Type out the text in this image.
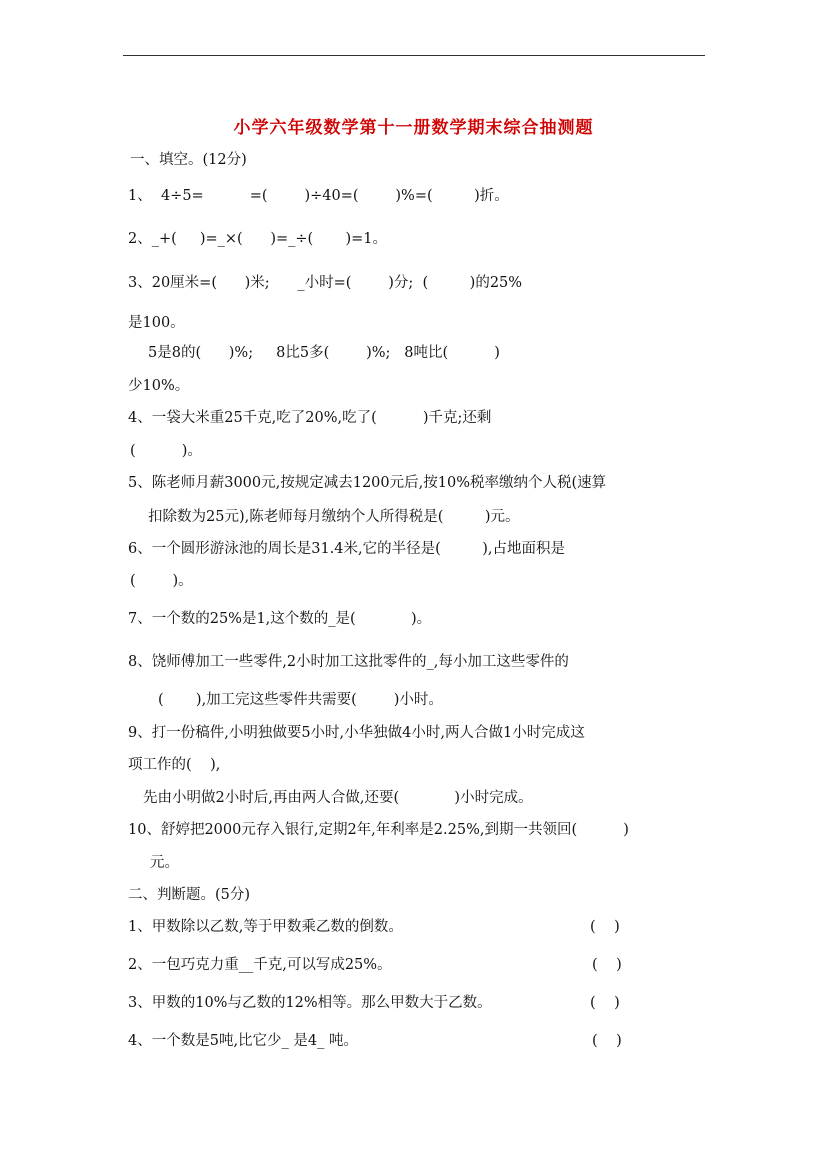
小学六年级数学第十一册数学期末综合抽测题
一、填空。(12分)
1、  4÷5=          =(        )÷40=(        )%=(         )折。
2、_+(     )=_×(      )=_÷(       )=1。
3、20厘米=(      )米;      _小时=(        )分;  (         )的25%
是100。
5是8的(      )%;     8比5多(        )%;   8吨比(          )
少10%。
4、一袋大米重25千克,吃了20%,吃了(          )千克;还剩
(          )。
5、陈老师月薪3000元,按规定减去1200元后,按10%税率缴纳个人税(速算
扣除数为25元),陈老师每月缴纳个人所得税是(         )元。
6、一个圆形游泳池的周长是31.4米,它的半径是(         ),占地面积是
(        )。
7、一个数的25%是1,这个数的_是(            )。
8、饶师傅加工一些零件,2小时加工这批零件的_,每小加工这些零件的
(       ),加工完这些零件共需要(        )小时。
9、打一份稿件,小明独做要5小时,小华独做4小时,两人合做1小时完成这
项工作的(    ),
先由小明做2小时后,再由两人合做,还要(            )小时完成。
10、舒婷把2000元存入银行,定期2年,年利率是2.25%,到期一共领回(          )
元。
二、判断题。(5分)
1、甲数除以乙数,等于甲数乘乙数的倒数。	(    )
2、一包巧克力重__千克,可以写成25%。	(    )
3、甲数的10%与乙数的12%相等。那么甲数大于乙数。	(    )
4、一个数是5吨,比它少_ 是4_ 吨。	(    )
